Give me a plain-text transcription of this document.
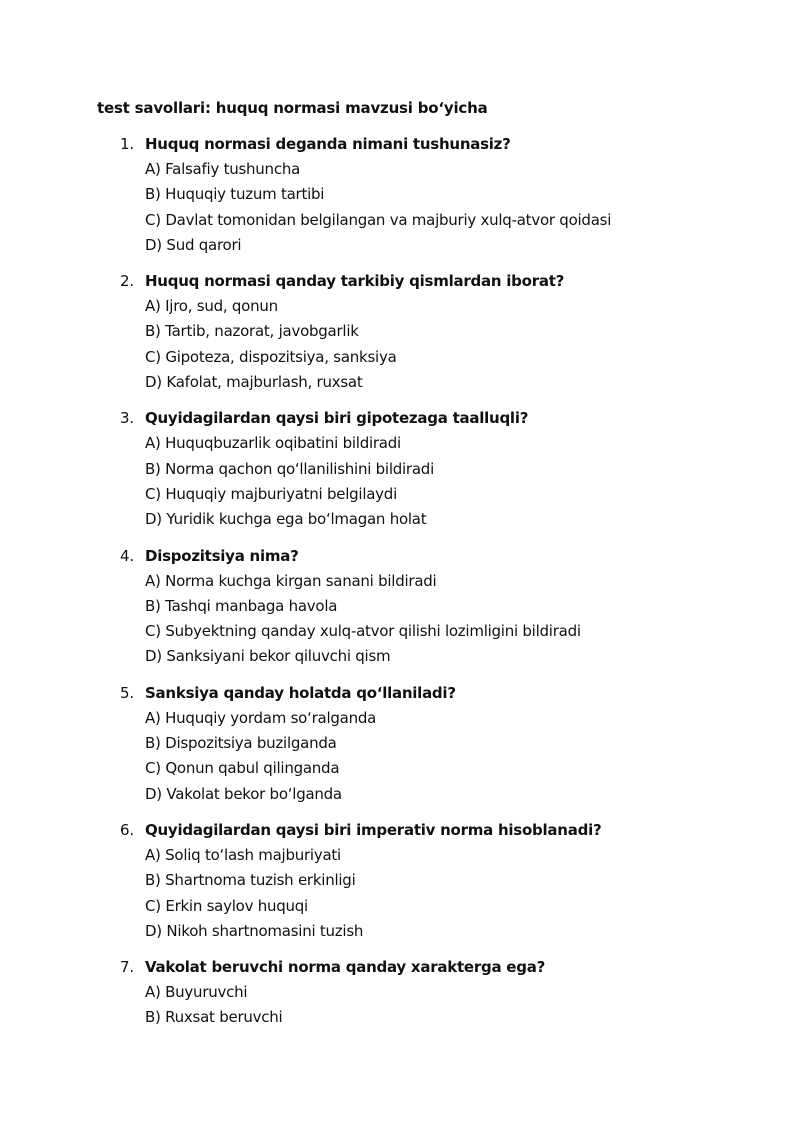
test savollari: huquq normasi mavzusi bo‘yicha
1. Huquq normasi deganda nimani tushunasiz?
A) Falsafiy tushuncha
B) Huquqiy tuzum tartibi
C) Davlat tomonidan belgilangan va majburiy xulq-atvor qoidasi
D) Sud qarori
2. Huquq normasi qanday tarkibiy qismlardan iborat?
A) Ijro, sud, qonun
B) Tartib, nazorat, javobgarlik
C) Gipoteza, dispozitsiya, sanksiya
D) Kafolat, majburlash, ruxsat
3. Quyidagilardan qaysi biri gipotezaga taalluqli?
A) Huquqbuzarlik oqibatini bildiradi
B) Norma qachon qo‘llanilishini bildiradi
C) Huquqiy majburiyatni belgilaydi
D) Yuridik kuchga ega bo‘lmagan holat
4. Dispozitsiya nima?
A) Norma kuchga kirgan sanani bildiradi
B) Tashqi manbaga havola
C) Subyektning qanday xulq-atvor qilishi lozimligini bildiradi
D) Sanksiyani bekor qiluvchi qism
5. Sanksiya qanday holatda qo‘llaniladi?
A) Huquqiy yordam so‘ralganda
B) Dispozitsiya buzilganda
C) Qonun qabul qilinganda
D) Vakolat bekor bo‘lganda
6. Quyidagilardan qaysi biri imperativ norma hisoblanadi?
A) Soliq to‘lash majburiyati
B) Shartnoma tuzish erkinligi
C) Erkin saylov huquqi
D) Nikoh shartnomasini tuzish
7. Vakolat beruvchi norma qanday xarakterga ega?
A) Buyuruvchi
B) Ruxsat beruvchi
